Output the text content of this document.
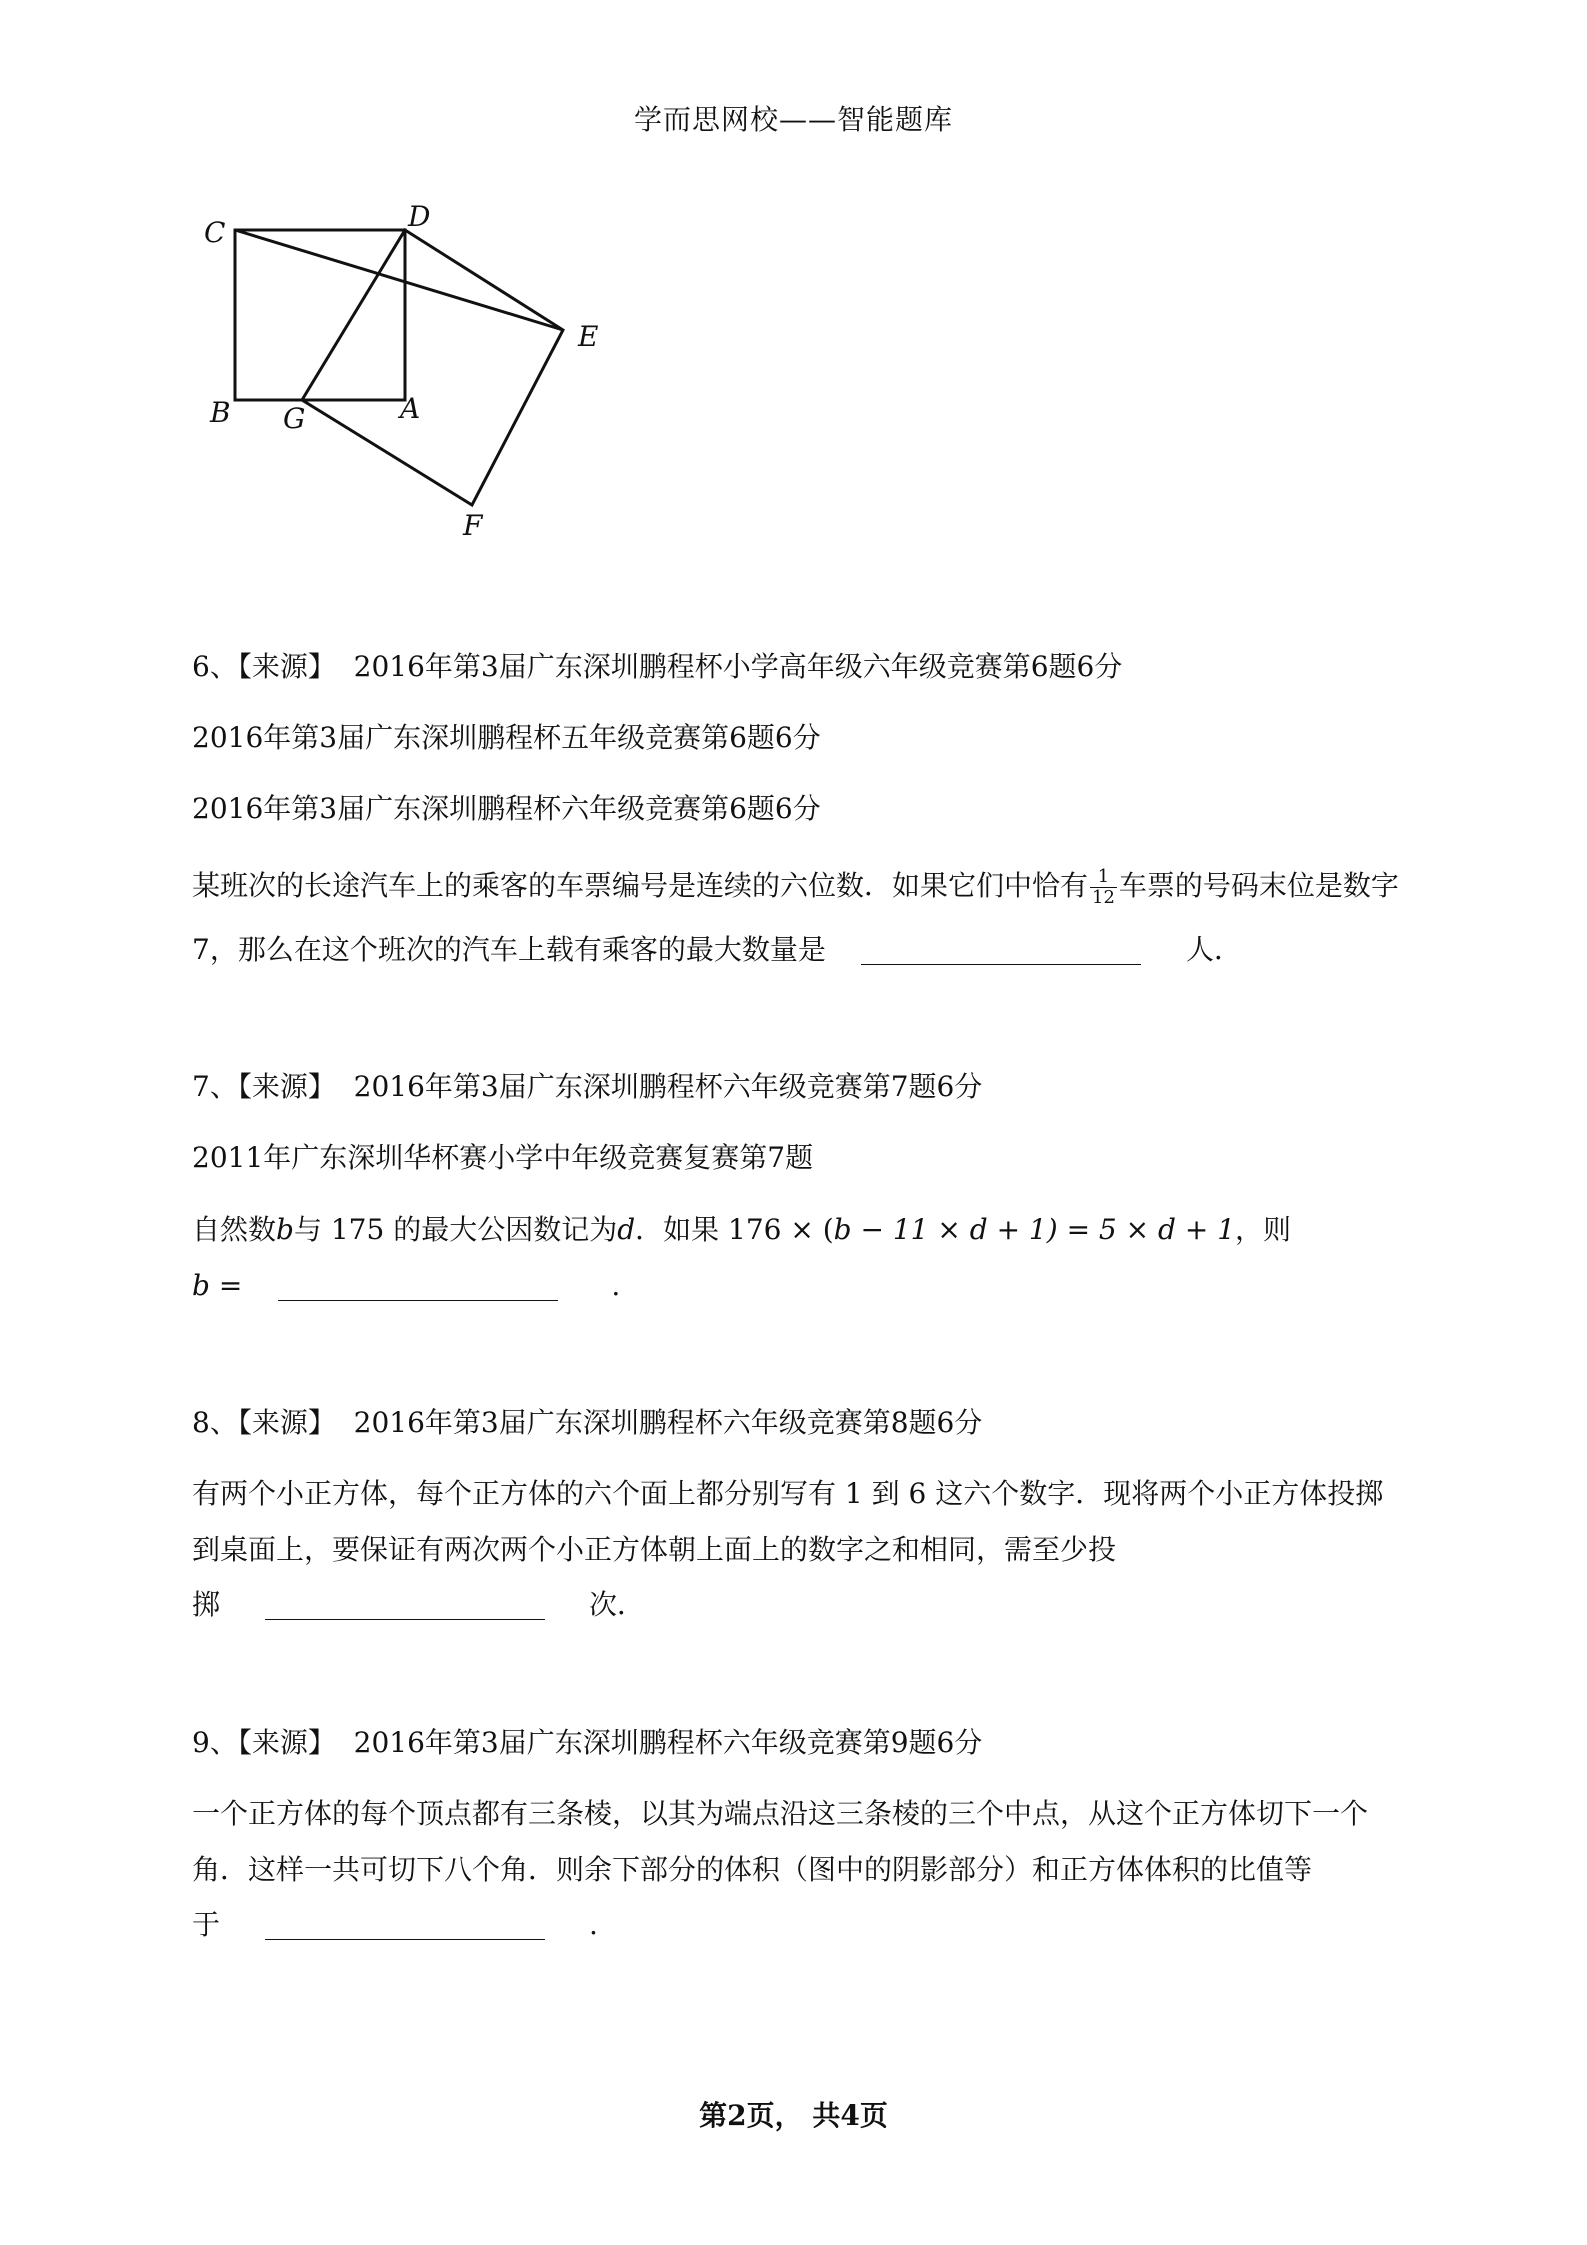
学而思网校——智能题库
C	D
E
B G	A
F
6、【来源】 2016年第3届广东深圳鹏程杯小学高年级六年级竞赛第6题6分
2016年第3届广东深圳鹏程杯五年级竞赛第6题6分
2016年第3届广东深圳鹏程杯六年级竞赛第6题6分
某班次的长途汽车上的乘客的车票编号是连续的六位数．如果它们中恰有 $\frac{1}{12}$ 车票的号码末位是数字
7，那么在这个班次的汽车上载有乘客的最大数量是	人．
7、【来源】 2016年第3届广东深圳鹏程杯六年级竞赛第7题6分
2011年广东深圳华杯赛小学中年级竞赛复赛第7题
自然数b与 175 的最大公因数记为d．如果 176 × (b − 11 × d + 1) = 5 × d + 1，则
b =	.
8、【来源】 2016年第3届广东深圳鹏程杯六年级竞赛第8题6分
有两个小正方体，每个正方体的六个面上都分别写有 1 到 6 这六个数字．现将两个小正方体投掷
到桌面上，要保证有两次两个小正方体朝上面上的数字之和相同，需至少投
掷	次．
9、【来源】 2016年第3届广东深圳鹏程杯六年级竞赛第9题6分
一个正方体的每个顶点都有三条棱，以其为端点沿这三条棱的三个中点，从这个正方体切下一个
角．这样一共可切下八个角．则余下部分的体积（图中的阴影部分）和正方体体积的比值等
于	.
第2页， 共4页
